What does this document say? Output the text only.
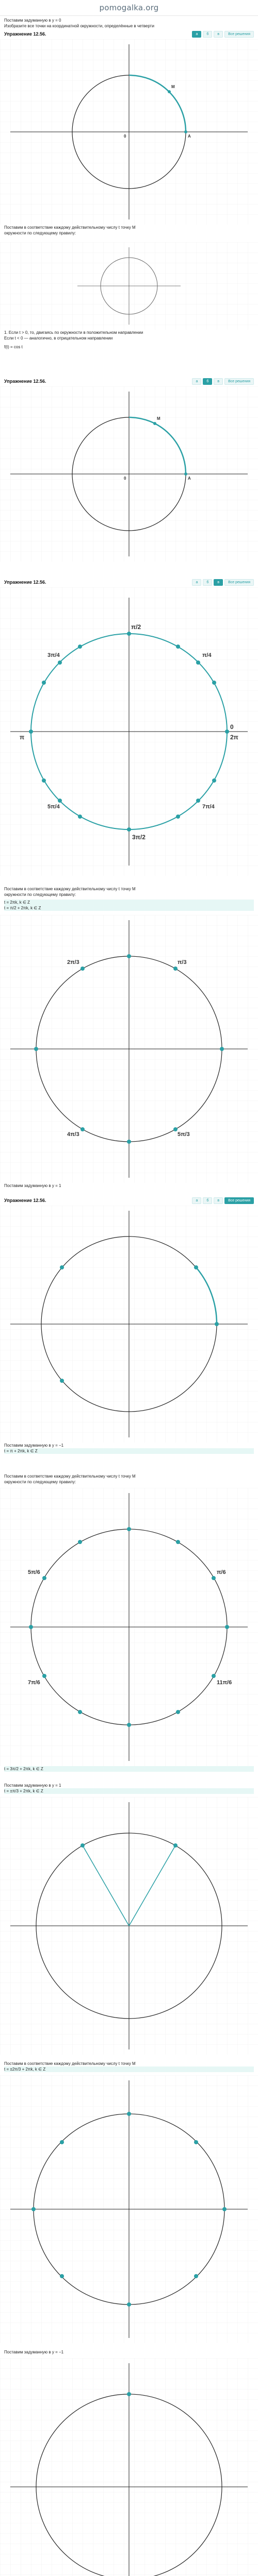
pomogalka.org
Поставим задуманную в у = 0
Изобразите все точки на координатной окружности, определённые в четверти
Упражнение 12.56.	а	б	в	Все решения
M
A
0
Поставим в соответствие каждому действительному числу t точку M
окружности по следующему правилу:
1. Если t > 0, то, двигаясь по окружности в положительном направлении
Если t < 0 — аналогично, в отрицательном направлении
f(t) = cos t
Упражнение 12.56.	а	б	в	Все решения
M
A
0
Упражнение 12.56.	а	б	в	Все решения
π/2
3π/4	π/4
5π/4	7π/4
3π/2
π
0
2π
Поставим в соответствие каждому действительному числу t точку M
окружности по следующему правилу:
t = 2πk, k ∈ Z
t = π/2 + 2πk, k ∈ Z
π/3
2π/3
4π/3	5π/3
Поставим задуманную в у = 1
Упражнение 12.56.	а	б	в	Все решения
Поставим задуманную в у = −1
t = π + 2πk, k ∈ Z
Поставим в соответствие каждому действительному числу t точку M
окружности по следующему правилу:
π/6
5π/6
7π/6	11π/6
t = 3π/2 + 2πk, k ∈ Z
Поставим задуманную в у = 1
t = ±π/3 + 2πk, k ∈ Z
Поставим в соответствие каждому действительному числу t точку M
t = ±2π/3 + 2πk, k ∈ Z
Поставим задуманную в у = −1
